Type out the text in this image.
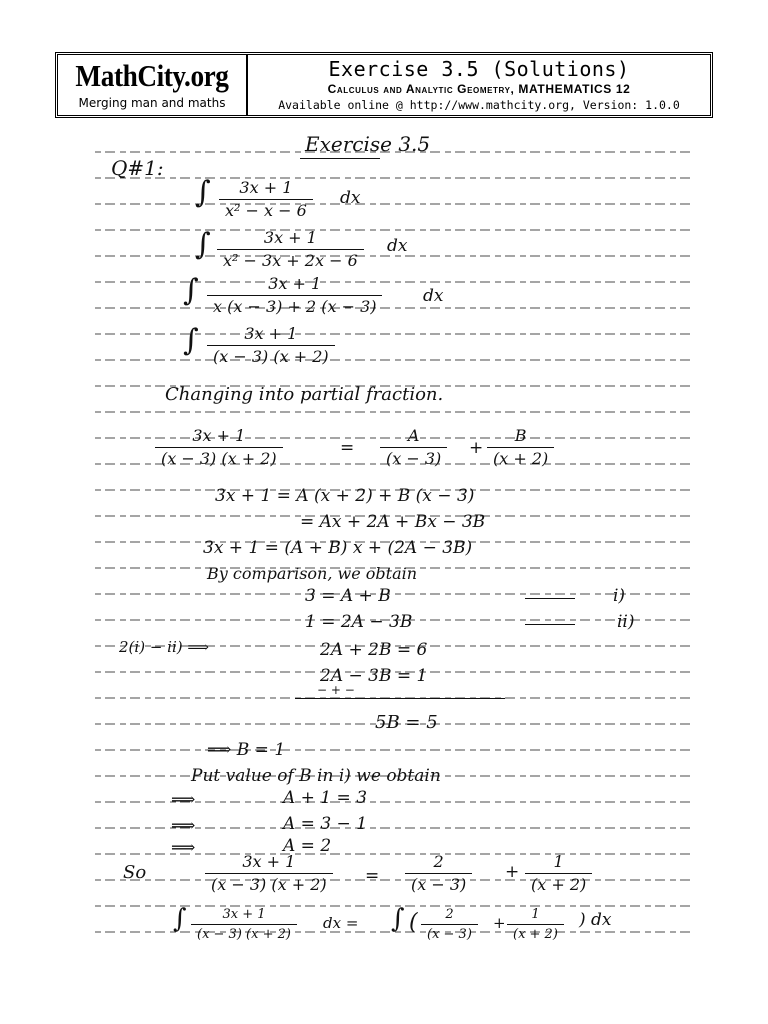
MathCity.org
Merging man and maths
Exercise 3.5 (Solutions)
Calculus and Analytic Geometry, MATHEMATICS 12
Available online @ http://www.mathcity.org, Version: 1.0.0
Exercise 3.5
Q#1:
∫ $\frac{3x + 1}{\text{x² − x − 6}}$ dx
∫ $\frac{3x + 1}{\text{x² − 3x + 2x − 6}}$ dx
∫ $\frac{3x + 1}{x (x - 3) + 2 (x - 3)}$ dx
∫ $\frac{3x + 1}{(x - 3) (x + 2)}$
Changing into partial fraction.
$\frac{3x + 1}{(x - 3) (x + 2)}$	= $\frac{A}{(x - 3)} + \frac{B}{(x + 2)}$
3x + 1 = A (x + 2) + B (x − 3)
= Ax + 2A + Bx − 3B
3x + 1 = (A + B) x + (2A − 3B)
By comparison, we obtain
3 = A + B	i)
1 = 2A − 3B	ii)
2(i) − ii) ⟹	2A + 2B = 6
2A − 3B = 1
− + −
5B = 5
⟹ B = 1
Put value of B in i) we obtain
⟹	A + 1 = 3
⟹	A = 3 − 1
⟹	A = 2
So	$\frac{3x + 1}{(x - 3) (x + 2)} = \frac{2}{(x - 3)} + \frac{1}{(x + 2)}$
∫ $\frac{3x + 1}{(x - 3) (x + 2)}$ dx = ∫ ( $\frac{2}{(x - 3)} + \frac{1}{(x + 2)}$ ) dx
